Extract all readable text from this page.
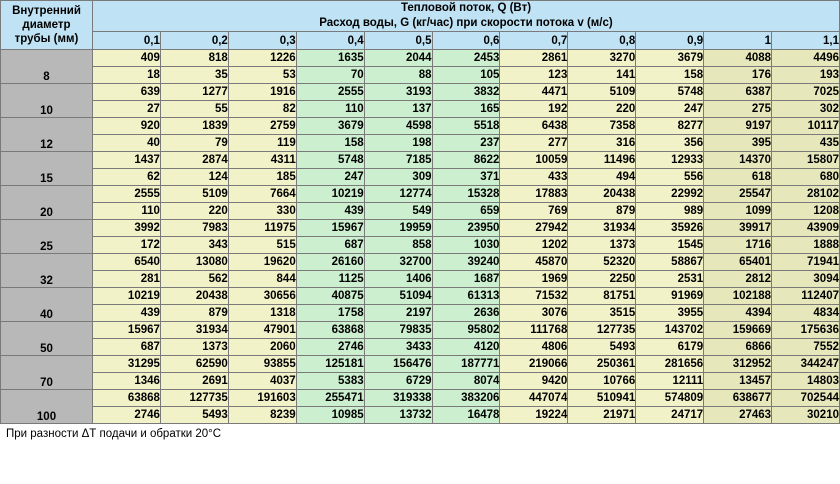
Внутренний
диаметр
трубы (мм)

Тепловой поток, Q (Вт)
Расход воды, G (кг/час) при скорости потока v (м/с)

	0,1	0,2	0,3	0,4	0,5	0,6	0,7	0,8	0,9	1	1,1
8	409	818	1226	1635	2044	2453	2861	3270	3679	4088	4496
	18	35	53	70	88	105	123	141	158	176	193
10	639	1277	1916	2555	3193	3832	4471	5109	5748	6387	7025
	27	55	82	110	137	165	192	220	247	275	302
12	920	1839	2759	3679	4598	5518	6438	7358	8277	9197	10117
	40	79	119	158	198	237	277	316	356	395	435
15	1437	2874	4311	5748	7185	8622	10059	11496	12933	14370	15807
	62	124	185	247	309	371	433	494	556	618	680
20	2555	5109	7664	10219	12774	15328	17883	20438	22992	25547	28102
	110	220	330	439	549	659	769	879	989	1099	1208
25	3992	7983	11975	15967	19959	23950	27942	31934	35926	39917	43909
	172	343	515	687	858	1030	1202	1373	1545	1716	1888
32	6540	13080	19620	26160	32700	39240	45870	52320	58867	65401	71941
	281	562	844	1125	1406	1687	1969	2250	2531	2812	3094
40	10219	20438	30656	40875	51094	61313	71532	81751	91969	102188	112407
	439	879	1318	1758	2197	2636	3076	3515	3955	4394	4834
50	15967	31934	47901	63868	79835	95802	111768	127735	143702	159669	175636
	687	1373	2060	2746	3433	4120	4806	5493	6179	6866	7552
70	31295	62590	93855	125181	156476	187771	219066	250361	281656	312952	344247
	1346	2691	4037	5383	6729	8074	9420	10766	12111	13457	14803
100	63868	127735	191603	255471	319338	383206	447074	510941	574809	638677	702544
	2746	5493	8239	10985	13732	16478	19224	21971	24717	27463	30210
При разности ΔТ подачи и обратки 20°С
